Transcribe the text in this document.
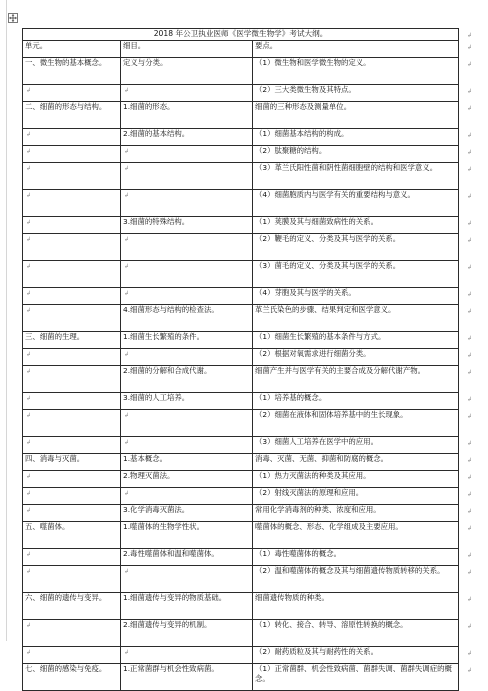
2018 年公卫执业医师《医学微生物学》考试大纲。 ↲		

单元。	细目。	要点。 ↲

一、微生物的基本概念。	定义与分类。	（1）微生物和医学微生物的定义。 ↲

↲	↲	（2）三大类微生物及其特点。 ↲

二、细菌的形态与结构。	1.细菌的形态。	细菌的三种形态及测量单位。 ↲

↲	2.细菌的基本结构。	（1）细菌基本结构的构成。 ↲

↲	↲	（2）肽聚糖的结构。 ↲

↲	↲	（3）革兰氏阳性菌和阴性菌细胞壁的结构和医学意义。 ↲

↲	↲	（4）细菌胞质内与医学有关的重要结构与意义。 ↲

↲	3.细菌的特殊结构。	（1）荚膜及其与细菌致病性的关系。 ↲

↲	↲	（2）鞭毛的定义、分类及其与医学的关系。 ↲

↲	↲	（3）菌毛的定义、分类及其与医学的关系。 ↲

↲	↲	（4）芽胞及其与医学的关系。 ↲

↲	4.细菌形态与结构的检查法。	革兰氏染色的步骤、结果判定和医学意义。 ↲

三、细菌的生理。	1.细菌生长繁殖的条件。	（1）细菌生长繁殖的基本条件与方式。 ↲

↲	↲	（2）根据对氧需求进行细菌分类。 ↲

↲	2.细菌的分解和合成代谢。	细菌产生并与医学有关的主要合成及分解代谢产物。 ↲

↲	3.细菌的人工培养。	（1）培养基的概念。 ↲

↲	↲	（2）细菌在液体和固体培养基中的生长现象。 ↲

↲	↲	（3）细菌人工培养在医学中的应用。 ↲

四、消毒与灭菌。	1.基本概念。	消毒、灭菌、无菌、抑菌和防腐的概念。 ↲

↲	2.物理灭菌法。	（1）热力灭菌法的种类及其应用。 ↲

↲	↲	（2）射线灭菌法的原理和应用。 ↲

↲	3.化学消毒灭菌法。	常用化学消毒剂的种类、浓度和应用。 ↲

五、噬菌体。	1.噬菌体的生物学性状。	噬菌体的概念、形态、化学组成及主要应用。 ↲

↲	2.毒性噬菌体和温和噬菌体。	（1）毒性噬菌体的概念。 ↲

↲	↲	（2）温和噬菌体的概念及其与细菌遗传物质转移的关系。 ↲

六、细菌的遗传与变异。	1.细菌遗传与变异的物质基础。	细菌遗传物质的种类。 ↲

↲	2.细菌遗传与变异的机制。	（1）转化、接合、转导、溶原性转换的概念。 ↲

↲	↲	（2）耐药质粒及其与耐药性的关系。 ↲

七、细菌的感染与免疫。	1.正常菌群与机会性致病菌。	（1）正常菌群、机会性致病菌、菌群失调、菌群失调症的概念。
↲
